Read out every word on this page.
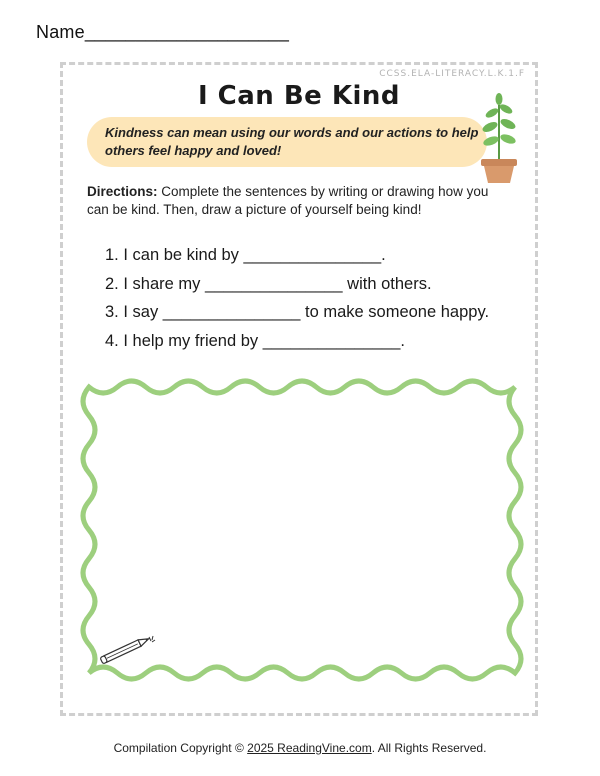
Name____________________
CCSS.ELA-LITERACY.L.K.1.F
I Can Be Kind
Kindness can mean using our words and our actions to help others feel happy and loved!
Directions: Complete the sentences by writing or drawing how you can be kind. Then, draw a picture of yourself being kind!
1. I can be kind by _______________.
2. I share my _______________ with others.
3. I say _______________ to make someone happy.
4. I help my friend by _______________.
Compilation Copyright © 2025 ReadingVine.com. All Rights Reserved.
